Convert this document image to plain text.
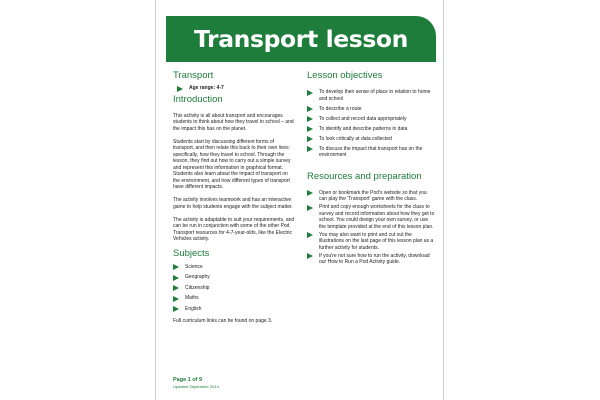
Transport lesson plan
Transport
Age range: 4-7
Introduction

This activity is all about transport and encourages students to think about how they travel to school – and the impact this has on the planet.

Students start by discussing different forms of transport, and then relate this back to their own lives: specifically, how they travel to school. Through the lesson, they find out how to carry out a simple survey and represent this information in graphical format. Students also learn about the impact of transport on the environment, and how different types of transport have different impacts.

The activity involves teamwork and has an interactive game to help students engage with the subject matter.

The activity is adaptable to suit your requirements, and can be run in conjunction with some of the other Pod Transport resources for 4-7-year-olds, like the Electric Vehicles activity.

Subjects
Science
Geography
Citizenship
Maths
English

Full curriculum links can be found on page 3.

Lesson objectives
To develop their sense of place in relation to home and school
To describe a route
To collect and record data appropriately
To identify and describe patterns in data
To look critically at data collected
To discuss the impact that transport has on the environment
Resources and preparation
Open or bookmark the Pod's website so that you can play the 'Transport' game with the class.
Print and copy enough worksheets for the class to survey and record information about how they get to school. You could design your own survey, or use the template provided at the end of this lesson plan.
You may also want to print and cut out the illustrations on the last page of this lesson plan as a further activity for students.
If you're not sure how to run the activity, download our How to Run a Pod Activity guide.
Page 1 of 9
Updated September 2014
